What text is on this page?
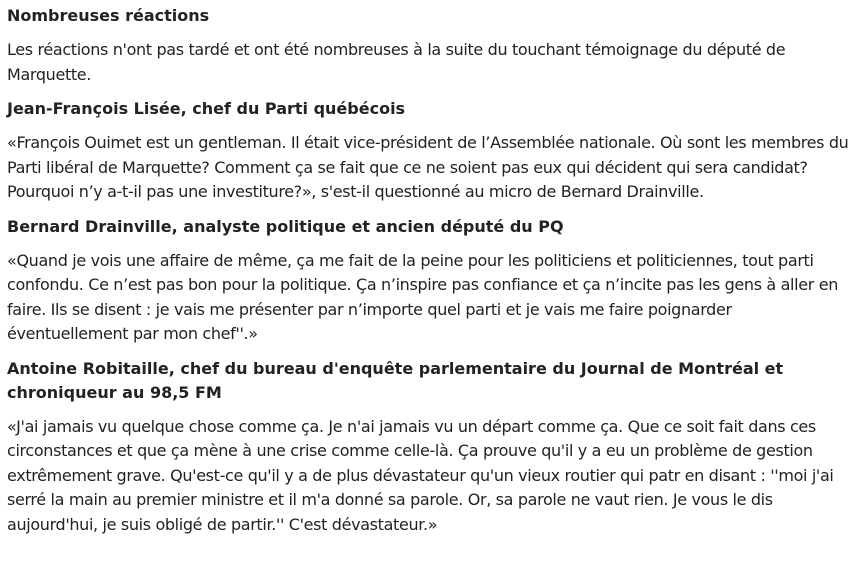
Nombreuses réactions

Les réactions n'ont pas tardé et ont été nombreuses à la suite du touchant témoignage du député de Marquette.

Jean-François Lisée, chef du Parti québécois

«François Ouimet est un gentleman. Il était vice-président de l’Assemblée nationale. Où sont les membres du Parti libéral de Marquette? Comment ça se fait que ce ne soient pas eux qui décident qui sera candidat? Pourquoi n’y a-t-il pas une investiture?», s'est-il questionné au micro de Bernard Drainville.

Bernard Drainville, analyste politique et ancien député du PQ

«Quand je vois une affaire de même, ça me fait de la peine pour les politiciens et politiciennes, tout parti confondu. Ce n’est pas bon pour la politique. Ça n’inspire pas confiance et ça n’incite pas les gens à aller en faire. Ils se disent : je vais me présenter par n’importe quel parti et je vais me faire poignarder éventuellement par mon chef''.»

Antoine Robitaille, chef du bureau d'enquête parlementaire du Journal de Montréal et chroniqueur au 98,5 FM

«J'ai jamais vu quelque chose comme ça. Je n'ai jamais vu un départ comme ça. Que ce soit fait dans ces circonstances et que ça mène à une crise comme celle-là. Ça prouve qu'il y a eu un problème de gestion extrêmement grave. Qu'est-ce qu'il y a de plus dévastateur qu'un vieux routier qui patr en disant : ''moi j'ai serré la main au premier ministre et il m'a donné sa parole. Or, sa parole ne vaut rien. Je vous le dis aujourd'hui, je suis obligé de partir.'' C'est dévastateur.»
